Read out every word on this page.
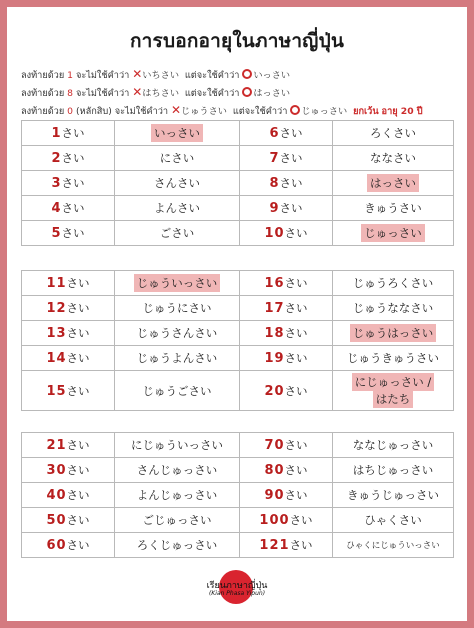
การบอกอายุในภาษาญี่ปุ่น
ลงท้ายด้วย 1 จะไม่ใช้คำว่า ✕いちさい แต่จะใช้คำว่า いっさい
ลงท้ายด้วย 8 จะไม่ใช้คำว่า ✕はちさい แต่จะใช้คำว่า はっさい
ลงท้ายด้วย 0 (หลักสิบ) จะไม่ใช้คำว่า ✕じゅうさい แต่จะใช้คำว่า じゅっさい ยกเว้น อายุ 20 ปี
1さい	いっさい	6さい	ろくさい
2さい	にさい	7さい	ななさい
3さい	さんさい	8さい	はっさい
4さい	よんさい	9さい	きゅうさい
5さい	ごさい	10さい	じゅっさい
11さい	じゅういっさい	16さい	じゅうろくさい
12さい	じゅうにさい	17さい	じゅうななさい
13さい	じゅうさんさい	18さい	じゅうはっさい
14さい	じゅうよんさい	19さい	じゅうきゅうさい
15さい	じゅうごさい	20さい	にじゅっさい /
はたち
21さい	にじゅういっさい	70さい	ななじゅっさい
30さい	さんじゅっさい	80さい	はちじゅっさい
40さい	よんじゅっさい	90さい	きゅうじゅっさい
50さい	ごじゅっさい	100さい	ひゃくさい
60さい	ろくじゅっさい	121さい	ひゃくにじゅういっさい
เรียนภาษาญี่ปุ่น
(Kian Phasa Yipun)
